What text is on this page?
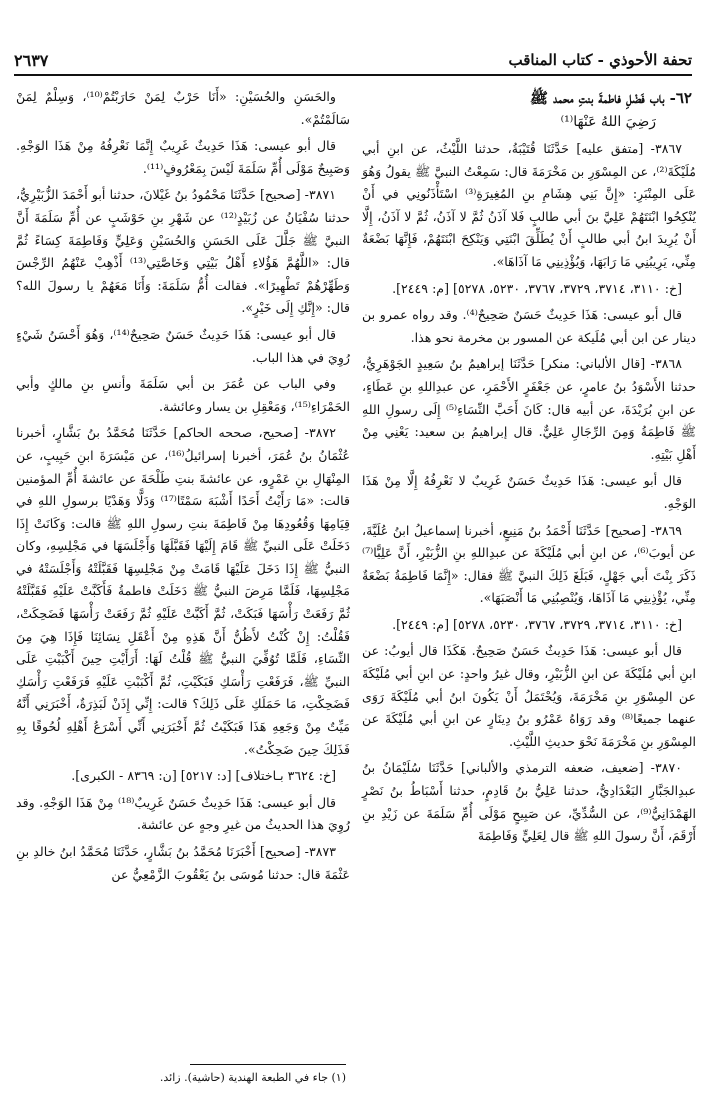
تحفة الأحوذي - كتاب المناقب
٢٦٣٧
٦٢- باب فَضْلِ فاطمةَ بنتِ محمد ﷺ
رَضِيَ اللهُ عَنْهَا⁽¹⁾

٣٨٦٧- [متفق عليه] حَدَّثَنَا قُتَيْبَةُ، حدثنا اللَّيْثُ، عن ابنِ أبي مُلَيْكَةَ⁽²⁾، عن المِسْوَرِ بن مَخْرَمَةَ قال: سَمِعْتُ النبيَّ ﷺ يقولُ وَهُوَ عَلَى المِنْبَرِ: «إِنَّ بَنِي هِشَامِ بنِ المُغِيرَةِ⁽³⁾ اسْتَأْذَنُونِي في أَنْ يُنْكِحُوا ابْنَتَهُمْ عَلِيَّ بنَ أبي طالبٍ فَلا آذَنُ ثُمَّ لا آذَنُ، ثُمَّ لا آذَنُ، إِلَّا أَنْ يُرِيدَ ابنُ أبي طالبٍ أَنْ يُطَلِّقَ ابْنَتِي وَيَنْكِحَ ابْنَتَهُمْ، فَإِنَّهَا بَضْعَةٌ مِنِّي، يَرِيبُنِي مَا رَابَهَا، وَيُؤْذِينِي مَا آذَاهَا».

[خ: ٣١١٠، ٣٧١٤، ٣٧٢٩، ٣٧٦٧، ٥٢٣٠، ٥٢٧٨] [م: ٢٤٤٩].

قال أبو عيسى: هَذَا حَدِيثٌ حَسَنٌ صَحِيحٌ⁽⁴⁾. وقد رواه عمرو بن دينار عن ابن أبي مُلَيكة عن المسور بن مخرمة نحو هذا.

٣٨٦٨- [قال الألباني: منكر] حَدَّثَنَا إبراهيمُ بنُ سَعِيدٍ الجَوْهَرِيُّ، حدثنا الأَسْوَدُ بنُ عامرٍ، عن جَعْفَرٍ الأَحْمَرِ، عن عبدِاللهِ بنِ عَطَاءٍ، عن ابنِ بُرَيْدَةَ، عن أبيه قال: كَانَ أَحَبَّ النِّسَاءِ⁽⁵⁾ إِلَى رسولِ اللهِ ﷺ فَاطِمَةُ وَمِنَ الرِّجَالِ عَلِيٌّ. قال إبراهيمُ بن سعيد: يَعْنِي مِنْ أَهْلِ بَيْتِهِ.

قال أبو عيسى: هَذَا حَدِيثٌ حَسَنٌ غَرِيبٌ لا نَعْرِفُهُ إِلَّا مِنْ هَذَا الوَجْهِ.

٣٨٦٩- [صحيح] حَدَّثَنَا أَحْمَدُ بنُ مَنِيعٍ، أخبرنا إسماعيلُ ابنُ عُلَيَّةَ، عن أيوبَ⁽⁶⁾، عن ابنِ أبي مُلَيْكَةَ عن عبدِاللهِ بنِ الزُّبَيْرِ، أَنَّ عَلِيًّا⁽⁷⁾ ذَكَرَ بِنْتَ أبي جَهْلٍ، فَبَلَغَ ذَلِكَ النبيَّ ﷺ فقال: «إِنَّمَا فَاطِمَةُ بَضْعَةٌ مِنِّي، يُؤْذِينِي مَا آذَاهَا، وَيُنْصِبُنِي مَا أَنْصَبَهَا».

[خ: ٣١١٠، ٣٧١٤، ٣٧٢٩، ٣٧٦٧، ٥٢٣٠، ٥٢٧٨] [م: ٢٤٤٩].

قال أبو عيسى: هَذَا حَدِيثٌ حَسَنٌ صَحِيحٌ. هَكَذَا قال أيوبُ: عن ابنِ أبي مُلَيْكَةَ عن ابنِ الزُّبَيْرِ، وقال غيرُ واحدٍ: عن ابنِ أبي مُلَيْكَةَ عن المِسْوَرِ بنِ مَخْرَمَةَ، وَيُحْتَمَلُ أَنْ يَكُونَ ابنُ أبي مُلَيْكَةَ رَوَى عنهما جميعًا⁽⁸⁾ وقد رَوَاهُ عَمْرُو بنُ دِينَارٍ عن ابنِ أبي مُلَيْكَةَ عن المِسْوَرِ بنِ مَخْرَمَةَ نَحْوَ حديثِ اللَّيْثِ.

٣٨٧٠- [ضعيف، ضعفه الترمذي والألباني] حَدَّثَنَا سُلَيْمَانُ بنُ عبدِالجَبَّارِ البَغْدَادِيُّ، حدثنا عَلِيُّ بنُ قَادِمٍ، حدثنا أَسْبَاطُ بنُ نَصْرٍ الهَمْدَانِيُّ⁽⁹⁾، عن السُّدِّيِّ، عن صَبِيحٍ مَوْلَى أُمِّ سَلَمَةَ عن زَيْدِ بنِ أَرْقَمَ، أَنَّ رسولَ اللهِ ﷺ قال لِعَلِيٍّ وَفَاطِمَةَ

والحَسَنِ والحُسَيْنِ: «أَنَا حَرْبٌ لِمَنْ حَارَبْتُمْ⁽¹⁰⁾، وَسِلْمٌ لِمَنْ سَالَمْتُمْ».

قال أبو عيسى: هَذَا حَدِيثٌ غَرِيبٌ إِنَّمَا نَعْرِفُهُ مِنْ هَذَا الوَجْهِ. وَصَبِيحٌ مَوْلَى أُمِّ سَلَمَةَ لَيْسَ بِمَعْرُوفٍ⁽¹¹⁾.

٣٨٧١- [صحيح] حَدَّثَنَا مَحْمُودُ بنُ غَيْلانَ، حدثنا أبو أَحْمَدَ الزُّبَيْرِيُّ، حدثنا سُفْيَانُ عن زُبَيْدٍ⁽¹²⁾ عن شَهْرِ بنِ حَوْشَبٍ عن أُمِّ سَلَمَةَ أَنَّ النبيَّ ﷺ جَلَّلَ عَلَى الحَسَنِ وَالحُسَيْنِ وَعَلِيٍّ وَفَاطِمَةَ كِسَاءً ثُمَّ قال: «اللَّهُمَّ هَؤُلاءِ أَهْلُ بَيْتِي وَخَاصَّتِي⁽¹³⁾ أَذْهِبْ عَنْهُمُ الرِّجْسَ وَطَهِّرْهُمْ تَطْهِيرًا». فقالت أُمُّ سَلَمَةَ: وَأَنَا مَعَهُمْ يا رسولَ الله؟ قال: «إِنَّكِ إِلَى خَيْرٍ».

قال أبو عيسى: هَذَا حَدِيثٌ حَسَنٌ صَحِيحٌ⁽¹⁴⁾، وَهُوَ أَحْسَنُ شَيْءٍ رُوِيَ في هذا الباب.

وفي الباب عن عُمَرَ بن أبي سَلَمَةَ وأنسِ بنِ مالكٍ وأبي الحَمْرَاءِ⁽¹⁵⁾، وَمَعْقِلِ بن يسار وعائشة.

٣٨٧٢- [صحيح، صححه الحاكم] حَدَّثَنَا مُحَمَّدُ بنُ بَشَّارٍ، أخبرنا عُثْمَانُ بنُ عُمَرَ، أخبرنا إسرائيلُ⁽¹⁶⁾، عن مَيْسَرَةَ ابنِ حَبِيبٍ، عن المِنْهَالِ بنِ عَمْرٍو، عن عائشةَ بنتِ طَلْحَةَ عن عائشةَ أُمِّ المؤمنين قالت: «مَا رَأَيْتُ أَحَدًا أَشْبَهَ سَمْتًا⁽¹⁷⁾ وَدَلًّا وَهَدْيًا برسولِ اللهِ في قِيَامِهَا وَقُعُودِهَا مِنْ فَاطِمَةَ بنتِ رسولِ اللهِ ﷺ قالت: وَكَانَتْ إِذَا دَخَلَتْ عَلَى النبيِّ ﷺ قَامَ إِلَيْهَا فَقَبَّلَهَا وَأَجْلَسَهَا في مَجْلِسِهِ، وكان النبيُّ ﷺ إِذَا دَخَلَ عَلَيْهَا قَامَتْ مِنْ مَجْلِسِهَا فَقَبَّلَتْهُ وَأَجْلَسَتْهُ في مَجْلِسِهَا، فَلَمَّا مَرِضَ النبيُّ ﷺ دَخَلَتْ فاطمةُ فَأَكَبَّتْ عَلَيْهِ فَقَبَّلَتْهُ ثُمَّ رَفَعَتْ رَأْسَهَا فَبَكَتْ، ثُمَّ أَكَبَّتْ عَلَيْهِ ثُمَّ رَفَعَتْ رَأْسَهَا فَضَحِكَتْ، فَقُلْتُ: إِنْ كُنْتُ لأَظُنُّ أَنَّ هَذِهِ مِنْ أَعْقَلِ نِسَائِنَا فَإِذَا هِيَ مِنَ النِّسَاءِ، فَلَمَّا تُوُفِّيَ النبيُّ ﷺ قُلْتُ لَهَا: أَرَأَيْتِ حِينَ أَكْبَبْتِ عَلَى النبيِّ ﷺ، فَرَفَعْتِ رَأْسَكِ فَبَكَيْتِ، ثُمَّ أَكْبَبْتِ عَلَيْهِ فَرَفَعْتِ رَأْسَكِ فَضَحِكْتِ، مَا حَمَلَكِ عَلَى ذَلِكَ؟ قالت: إِنِّي إِذَنْ لَبَذِرَةٌ، أَخْبَرَنِي أَنَّهُ مَيِّتٌ مِنْ وَجَعِهِ هَذَا فَبَكَيْتُ ثُمَّ أَخْبَرَنِي أَنِّي أَسْرَعُ أَهْلِهِ لُحُوقًا بِهِ فَذَلِكَ حِينَ ضَحِكْتُ».

[خ: ٣٦٢٤ بـاختلاف] [د: ٥٢١٧] [ن: ٨٣٦٩ - الكبرى].

قال أبو عيسى: هَذَا حَدِيثٌ حَسَنٌ غَرِيبٌ⁽¹⁸⁾ مِنْ هَذَا الوَجْهِ. وقد رُوِيَ هذا الحديثُ من غيرِ وجهٍ عن عائشة.

٣٨٧٣- [صحيح] أَخْبَرَنَا مُحَمَّدُ بنُ بَشَّارٍ، حَدَّثَنَا مُحَمَّدُ ابنُ خالدِ بنِ عَثْمَةَ قال: حدثنا مُوسَى بنُ يَعْقُوبَ الزَّمْعِيُّ عن

(١) جاء في الطبعة الهندية (حاشية). زائد.
